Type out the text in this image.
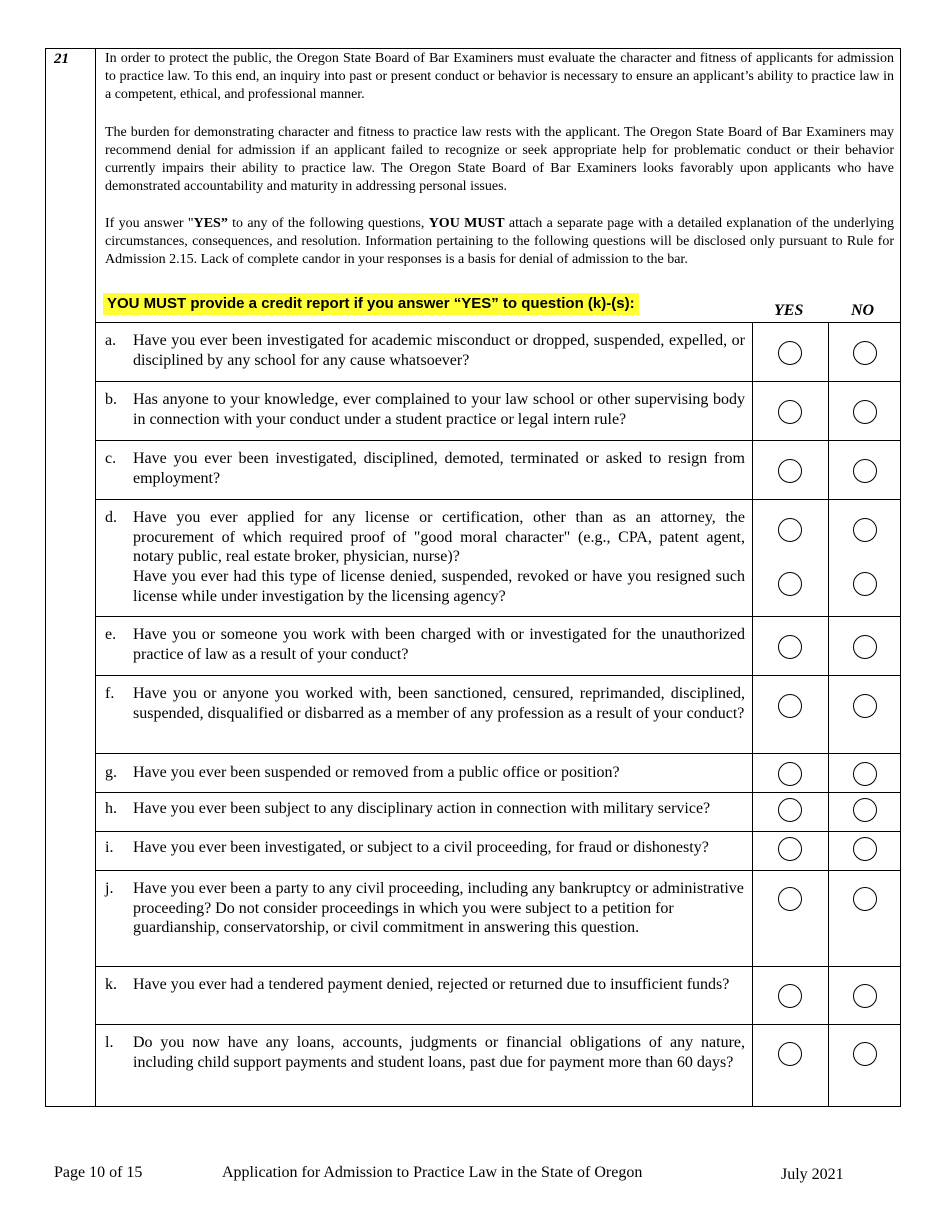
21	In order to protect the public, the Oregon State Board of Bar Examiners must evaluate the character and fitness of applicants for admission to practice law. To this end, an inquiry into past or present conduct or behavior is necessary to ensure an applicant’s ability to practice law in a competent, ethical, and professional manner.

The burden for demonstrating character and fitness to practice law rests with the applicant. The Oregon State Board of Bar Examiners may recommend denial for admission if an applicant failed to recognize or seek appropriate help for problematic conduct or their behavior currently impairs their ability to practice law. The Oregon State Board of Bar Examiners looks favorably upon applicants who have demonstrated accountability and maturity in addressing personal issues.

If you answer "YES” to any of the following questions, YOU MUST attach a separate page with a detailed explanation of the underlying circumstances, consequences, and resolution. Information pertaining to the following questions will be disclosed only pursuant to Rule for Admission 2.15. Lack of complete candor in your responses is a basis for denial of admission to the bar.

YOU MUST provide a credit report if you answer “YES” to question (k)-(s):	YES	NO
a. Have you ever been investigated for academic misconduct or dropped, suspended, expelled, or disciplined by any school for any cause whatsoever?

b. Has anyone to your knowledge, ever complained to your law school or other supervising body in connection with your conduct under a student practice or legal intern rule?

c. Have you ever been investigated, disciplined, demoted, terminated or asked to resign from employment?

d. Have you ever applied for any license or certification, other than as an attorney, the procurement of which required proof of "good moral character" (e.g., CPA, patent agent, notary public, real estate broker, physician, nurse)?

Have you ever had this type of license denied, suspended, revoked or have you resigned such license while under investigation by the licensing agency?

e. Have you or someone you work with been charged with or investigated for the unauthorized practice of law as a result of your conduct?

f. Have you or anyone you worked with, been sanctioned, censured, reprimanded, disciplined, suspended, disqualified or disbarred as a member of any profession as a result of your conduct?

g. Have you ever been suspended or removed from a public office or position?

h. Have you ever been subject to any disciplinary action in connection with military service?

i. Have you ever been investigated, or subject to a civil proceeding, for fraud or dishonesty?

j. Have you ever been a party to any civil proceeding, including any bankruptcy or administrative proceeding? Do not consider proceedings in which you were subject to a petition for guardianship, conservatorship, or civil commitment in answering this question.

k. Have you ever had a tendered payment denied, rejected or returned due to insufficient funds?

l. Do you now have any loans, accounts, judgments or financial obligations of any nature, including child support payments and student loans, past due for payment more than 60 days?

Page 10 of 15	Application for Admission to Practice Law in the State of Oregon	July 2021
